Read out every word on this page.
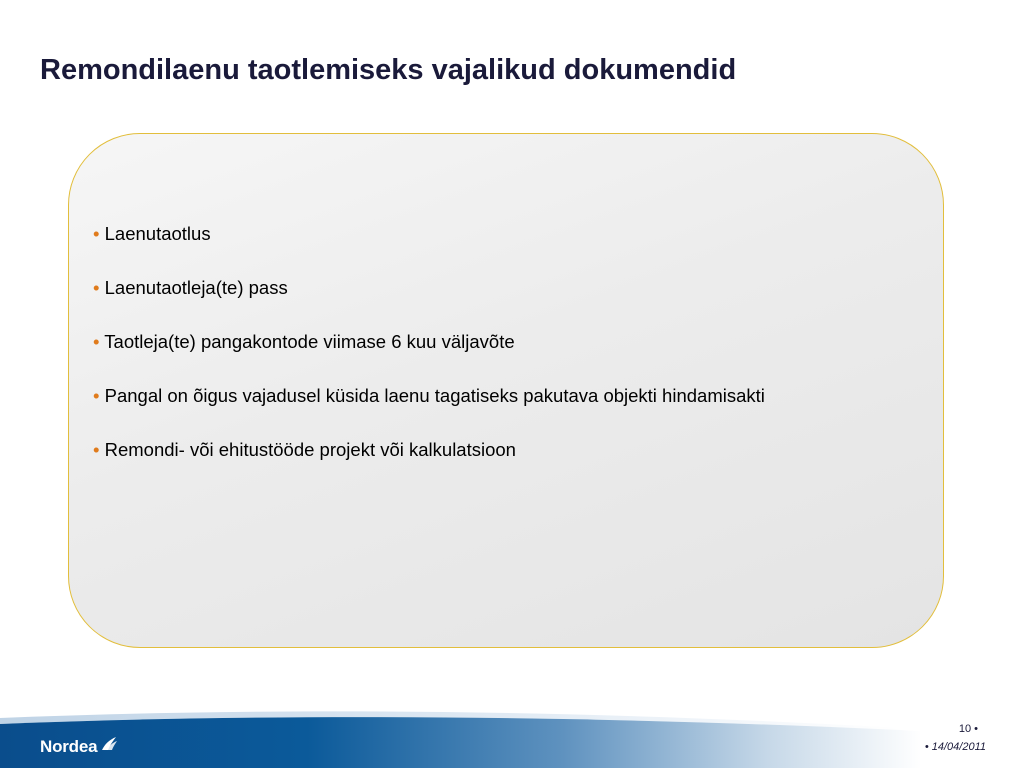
Remondilaenu taotlemiseks vajalikud dokumendid
• Laenutaotlus
• Laenutaotleja(te) pass
• Taotleja(te) pangakontode viimase 6 kuu väljavõte
• Pangal on õigus vajadusel küsida laenu tagatiseks pakutava objekti hindamisakti
• Remondi- või ehitustööde projekt või kalkulatsioon
Nordea
10 •
• 14/04/2011
